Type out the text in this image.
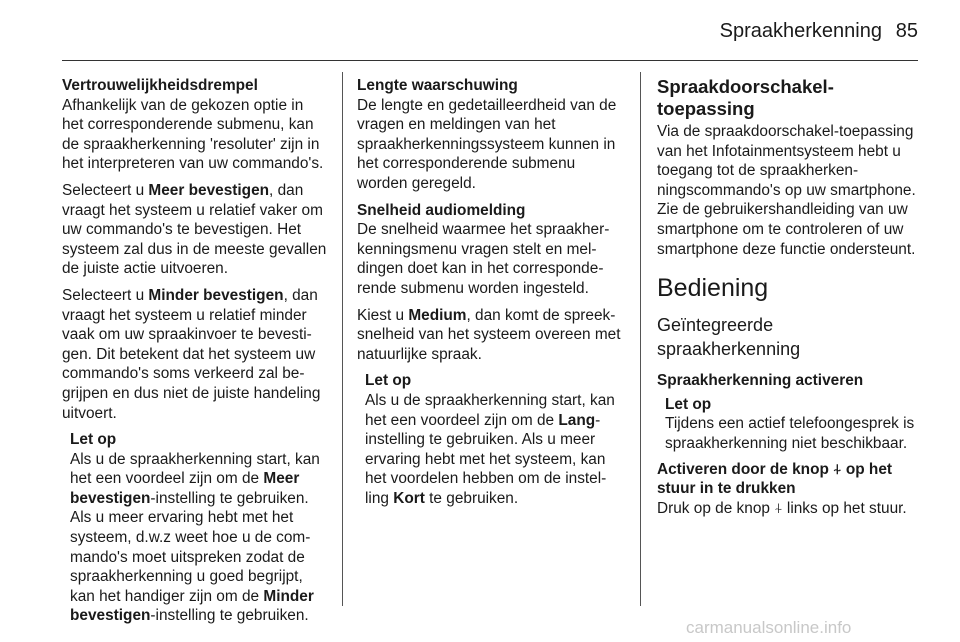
Spraakherkenning 85
Vertrouwelijkheidsdrempel

Afhankelijk van de gekozen optie in het corresponderende submenu, kan de spraakherkenning 'resoluter' zijn in het interpreteren van uw commando's.

Selecteert u Meer bevestigen, dan vraagt het systeem u relatief vaker om uw commando's te bevestigen. Het systeem zal dus in de meeste gevallen de juiste actie uitvoeren.

Selecteert u Minder bevestigen, dan vraagt het systeem u relatief minder vaak om uw spraakinvoer te bevestigen. Dit betekent dat het systeem uw commando's soms verkeerd zal begrijpen en dus niet de juiste handeling uitvoert.

Let op

Als u de spraakherkenning start, kan het een voordeel zijn om de Meer bevestigen-instelling te gebruiken. Als u meer ervaring hebt met het systeem, d.w.z weet hoe u de commando's moet uitspreken zodat de spraakherkenning u goed begrijpt, kan het handiger zijn om de Minder bevestigen-instelling te gebruiken.

Lengte waarschuwing

De lengte en gedetailleerdheid van de vragen en meldingen van het spraakherkenningssysteem kunnen in het corresponderende submenu worden geregeld.

Snelheid audiomelding

De snelheid waarmee het spraakherkenningsmenu vragen stelt en meldingen doet kan in het corresponderende submenu worden ingesteld.

Kiest u Medium, dan komt de spreeksnelheid van het systeem overeen met natuurlijke spraak.

Let op

Als u de spraakherkenning start, kan het een voordeel zijn om de Lang-instelling te gebruiken. Als u meer ervaring hebt met het systeem, kan het voordelen hebben om de instelling Kort te gebruiken.

Spraakdoorschakel-toepassing

Via de spraakdoorschakel-toepassing van het Infotainmentsysteem hebt u toegang tot de spraakherkenningscommando's op uw smartphone. Zie de gebruikershandleiding van uw smartphone om te controleren of uw smartphone deze functie ondersteunt.

Bediening
Geïntegreerde
spraakherkenning
Spraakherkenning activeren
Let op

Tijdens een actief telefoongesprek is spraakherkenning niet beschikbaar.

Activeren door de knop ⍭ op het stuur in te drukken

Druk op de knop ⍭ links op het stuur.

carmanualsonline.info
